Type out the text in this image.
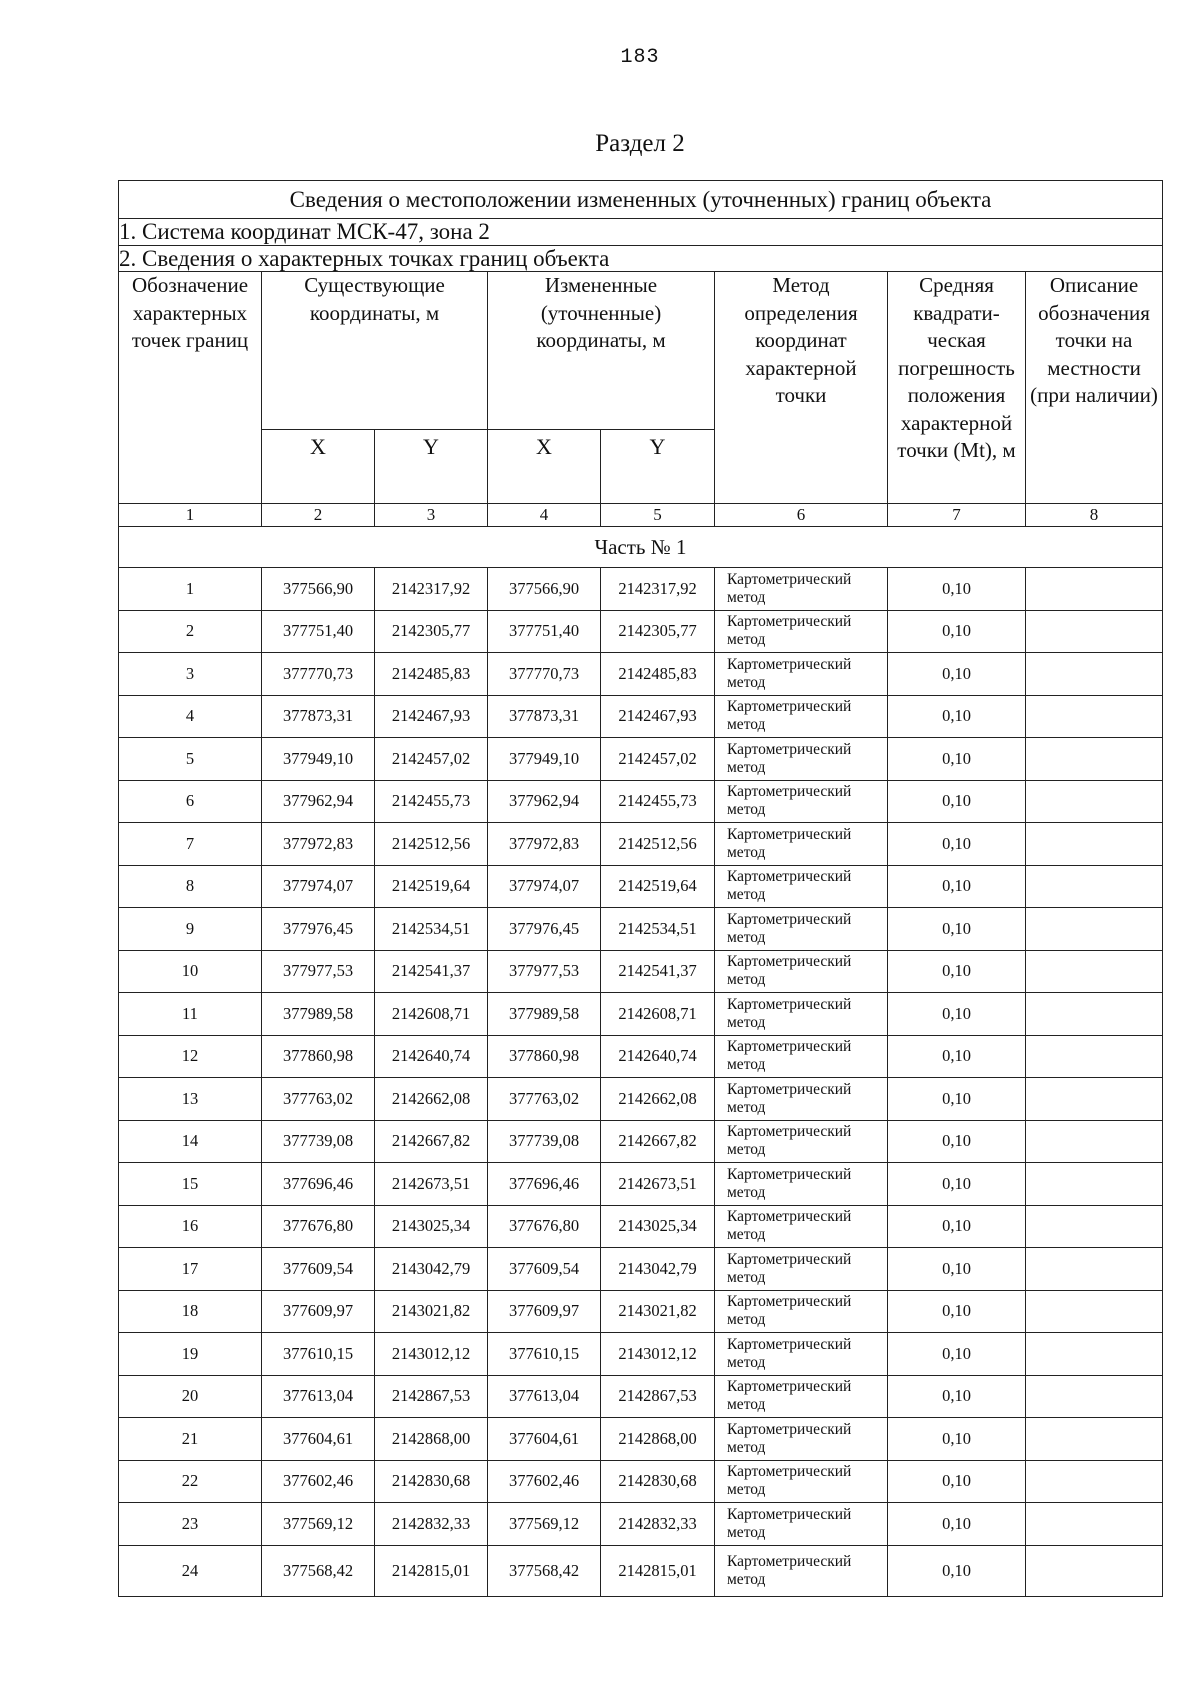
183
Раздел 2
Сведения о местоположении измененных (уточненных) границ объекта							
1. Система координат МСК-47, зона 2							
2. Сведения о характерных точках границ объекта							
Обозначение характерных точек границ	Существующие координаты, м		Измененные (уточненные) координаты, м		Метод определения координат характерной точки	Средняя квадрати-ческая погрешность положения характерной точки (Mt), м	Описание обозначения точки на местности (при наличии)
	X	Y	X	Y			
1	2	3	4	5	6	7	8
Часть № 1							
1	377566,90	2142317,92	377566,90	2142317,92	Картометрический метод	0,10	
2	377751,40	2142305,77	377751,40	2142305,77	Картометрический метод	0,10	
3	377770,73	2142485,83	377770,73	2142485,83	Картометрический метод	0,10	
4	377873,31	2142467,93	377873,31	2142467,93	Картометрический метод	0,10	
5	377949,10	2142457,02	377949,10	2142457,02	Картометрический метод	0,10	
6	377962,94	2142455,73	377962,94	2142455,73	Картометрический метод	0,10	
7	377972,83	2142512,56	377972,83	2142512,56	Картометрический метод	0,10	
8	377974,07	2142519,64	377974,07	2142519,64	Картометрический метод	0,10	
9	377976,45	2142534,51	377976,45	2142534,51	Картометрический метод	0,10	
10	377977,53	2142541,37	377977,53	2142541,37	Картометрический метод	0,10	
11	377989,58	2142608,71	377989,58	2142608,71	Картометрический метод	0,10	
12	377860,98	2142640,74	377860,98	2142640,74	Картометрический метод	0,10	
13	377763,02	2142662,08	377763,02	2142662,08	Картометрический метод	0,10	
14	377739,08	2142667,82	377739,08	2142667,82	Картометрический метод	0,10	
15	377696,46	2142673,51	377696,46	2142673,51	Картометрический метод	0,10	
16	377676,80	2143025,34	377676,80	2143025,34	Картометрический метод	0,10	
17	377609,54	2143042,79	377609,54	2143042,79	Картометрический метод	0,10	
18	377609,97	2143021,82	377609,97	2143021,82	Картометрический метод	0,10	
19	377610,15	2143012,12	377610,15	2143012,12	Картометрический метод	0,10	
20	377613,04	2142867,53	377613,04	2142867,53	Картометрический метод	0,10	
21	377604,61	2142868,00	377604,61	2142868,00	Картометрический метод	0,10	
22	377602,46	2142830,68	377602,46	2142830,68	Картометрический метод	0,10	
23	377569,12	2142832,33	377569,12	2142832,33	Картометрический метод	0,10	
24	377568,42	2142815,01	377568,42	2142815,01	Картометрический метод	0,10	
